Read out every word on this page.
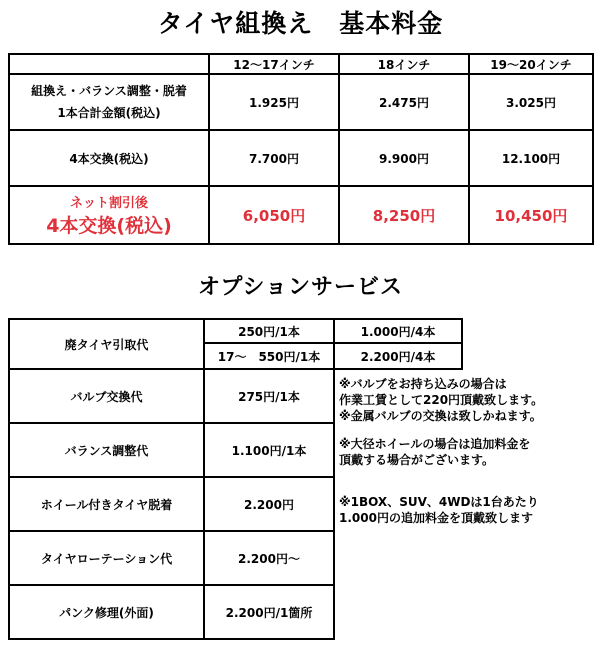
タイヤ組換え　基本料金
	12〜17インチ	18インチ	19〜20インチ

組換え・バランス調整・脱着
1本合計金額(税込)	1.925円	2.475円	3.025円
4本交換(税込)	7.700円	9.900円	12.100円

ネット割引後
4本交換(税込)	6,050円	8,250円	10,450円
オプションサービス
廃タイヤ引取代	250円/1本	1.000円/4本
	17〜　550円/1本	2.200円/4本
バルブ交換代	275円/1本	
バランス調整代	1.100円/1本	
ホイール付きタイヤ脱着	2.200円	
タイヤローテーション代	2.200円〜	
パンク修理(外面)	2.200円/1箇所	
※バルブをお持ち込みの場合は
作業工賃として220円頂戴致します。
※金属バルブの交換は致しかねます。
※大径ホイールの場合は追加料金を
頂戴する場合がございます。
※1BOX、SUV、4WDは1台あたり
1.000円の追加料金を頂戴致します
